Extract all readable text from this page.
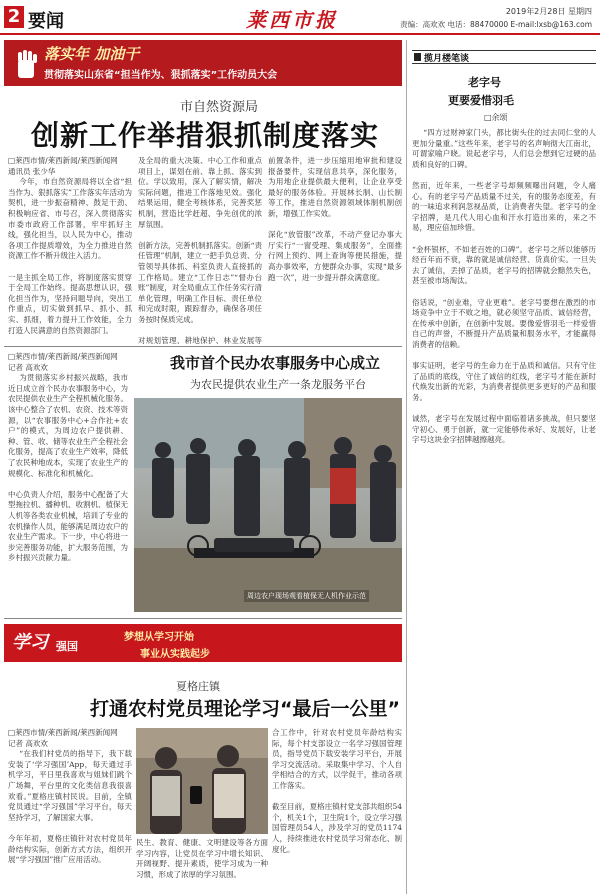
2 要闻	莱西市报	2019年2月28日 星期四
责编：高欢欢 电话：88470000 E-mail:lxsb@163.com
落实年 加油干
贯彻落实山东省“担当作为、狠抓落实”工作动员大会
市自然资源局
创新工作举措狠抓制度落实
□莱西市情/莱西新闻/莱西新闻网
通讯员 张少华
今年，市自然资源局将以全省“担当作为、狠抓落实”工作落实年活动为契机，进一步振奋精神、鼓足干劲、积极响应省、市号召，深入贯彻落实市委市政府工作部署，牢牢抓好主线，强化担当，以人民为中心，推动各项工作提质增效，为全力推进自然资源工作不断升级注入活力。

一是主抓全局工作，将制度落实贯穿于全局工作始终。提高思想认识，强化担当作为，坚持问题导向，突出工作重点，切实做到抓早、抓小、抓实、抓细，着力提升工作效能，全力打造人民满意的自然资源部门。

及全局的重大决策、中心工作和重点项目上，谋划在前、靠上抓、落实到位。学以致用，深入了解实情，解决实际问题，推进工作落地见效。强化结果运用，健全考核体系，完善奖惩机制，营造比学赶超、争先创优的浓厚氛围。

创新方法，完善机制抓落实。创新“责任管理”机制，建立一把手负总责、分管领导具体抓、科室负责人直接抓的工作格局。建立“工作日志”“督办台账”制度，对全局重点工作任务实行清单化管理，明确工作目标、责任单位和完成时限，跟踪督办，确保各项任务按时保质完成。

对规划管理、耕地保护、林业发展等
前置条件，进一步压缩用地审批和建设报备要件，实现信息共享，深化服务，为用地企业提供最大便利，让企业享受最好的服务体验。开展林长制、山长制等工作，推进自然资源领域体制机制创新，增强工作实效。

深化“放管服”改革，不动产登记办事大厅实行“一窗受理、集成服务”，全面推行网上预约、网上查询等便民措施，提高办事效率，方便群众办事，实现“最多跑一次”，进一步提升群众满意度。
我市首个民办农事服务中心成立
为农民提供农业生产一条龙服务平台
□莱西市情/莱西新闻/莱西新闻网
记者 高欢欢
为贯彻落实乡村振兴战略，我市近日成立首个民办农事服务中心，为农民提供农业生产全程机械化服务。该中心整合了农机、农资、技术等资源，以“农事服务中心+合作社+农户”的模式，为周边农户提供耕、种、管、收、储等农业生产全程社会化服务，提高了农业生产效率，降低了农民种地成本，实现了农业生产的规模化、标准化和机械化。

中心负责人介绍，服务中心配备了大型拖拉机、播种机、收割机、植保无人机等各类农业机械，培训了专业的农机操作人员，能够满足周边农户的农业生产需求。下一步，中心将进一步完善服务功能，扩大服务范围，为乡村振兴贡献力量。
周边农户现场观看植保无人机作业示范
学习 强国
梦想从学习开始
事业从实践起步
夏格庄镇
打通农村党员理论学习“最后一公里”
□莱西市情/莱西新闻/莱西新闻网
记者 高欢欢
“在我们村党员的指导下，我下载安装了‘学习强国’App，每天通过手机学习，平日里我喜欢与姐妹们跳个广场舞，平台里的文化类信息我很喜欢看。”夏格庄镇村民说。目前，全镇党员通过“学习强国”学习平台，每天坚持学习，了解国家大事。

今年年初，夏格庄镇针对农村党员年龄结构实际，创新方式方法，组织开展“学习强国”推广应用活动。
民生、教育、健康、文明建设等各方面学习内容，让党员在学习中增长知识、开阔视野、提升素质，使学习成为一种习惯，形成了浓厚的学习氛围。
合工作中，针对农村党员年龄结构实际，每个村支部设立一名学习强国管理员，指导党员下载安装学习平台，开展学习交流活动。采取集中学习、个人自学相结合的方式，以学促干，推动各项工作落实。

截至目前，夏格庄镇村党支部共组织54个，机关1个，卫生院1个，设立学习强国管理员54人，涉及学习的党员1174人，持续推进农村党员学习常态化、制度化。
揽月楼笔谈
老字号
更要爱惜羽毛
□余颂
“四方过财神家门头，都比街头住的过去同仁堂的人更加分量重。”这些年来，老字号的名声响彻大江南北，可谓家喻户晓。说起老字号，人们总会想到它过硬的品质和良好的口碑。

然而，近年来，一些老字号却频频曝出问题，令人痛心。有的老字号产品质量不过关，有的服务态度差，有的一味追求利润忽视品质，让消费者失望。老字号的金字招牌，是几代人用心血和汗水打造出来的，来之不易，理应倍加珍惜。

“金杯银杯，不如老百姓的口碑”。老字号之所以能够历经百年而不衰，靠的就是诚信经营、货真价实。一旦失去了诚信，丢掉了品质，老字号的招牌就会黯然失色，甚至被市场淘汰。

俗话说，“创业难，守业更难”。老字号要想在激烈的市场竞争中立于不败之地，就必须坚守品质、诚信经营，在传承中创新，在创新中发展。要像爱惜羽毛一样爱惜自己的声誉，不断提升产品质量和服务水平，才能赢得消费者的信赖。

事实证明，老字号的生命力在于品质和诚信。只有守住了品质的底线，守住了诚信的红线，老字号才能在新时代焕发出新的光彩，为消费者提供更多更好的产品和服务。

诚然，老字号在发展过程中面临着诸多挑战，但只要坚守初心、勇于创新，就一定能够传承好、发展好，让老字号这块金字招牌越擦越亮。
